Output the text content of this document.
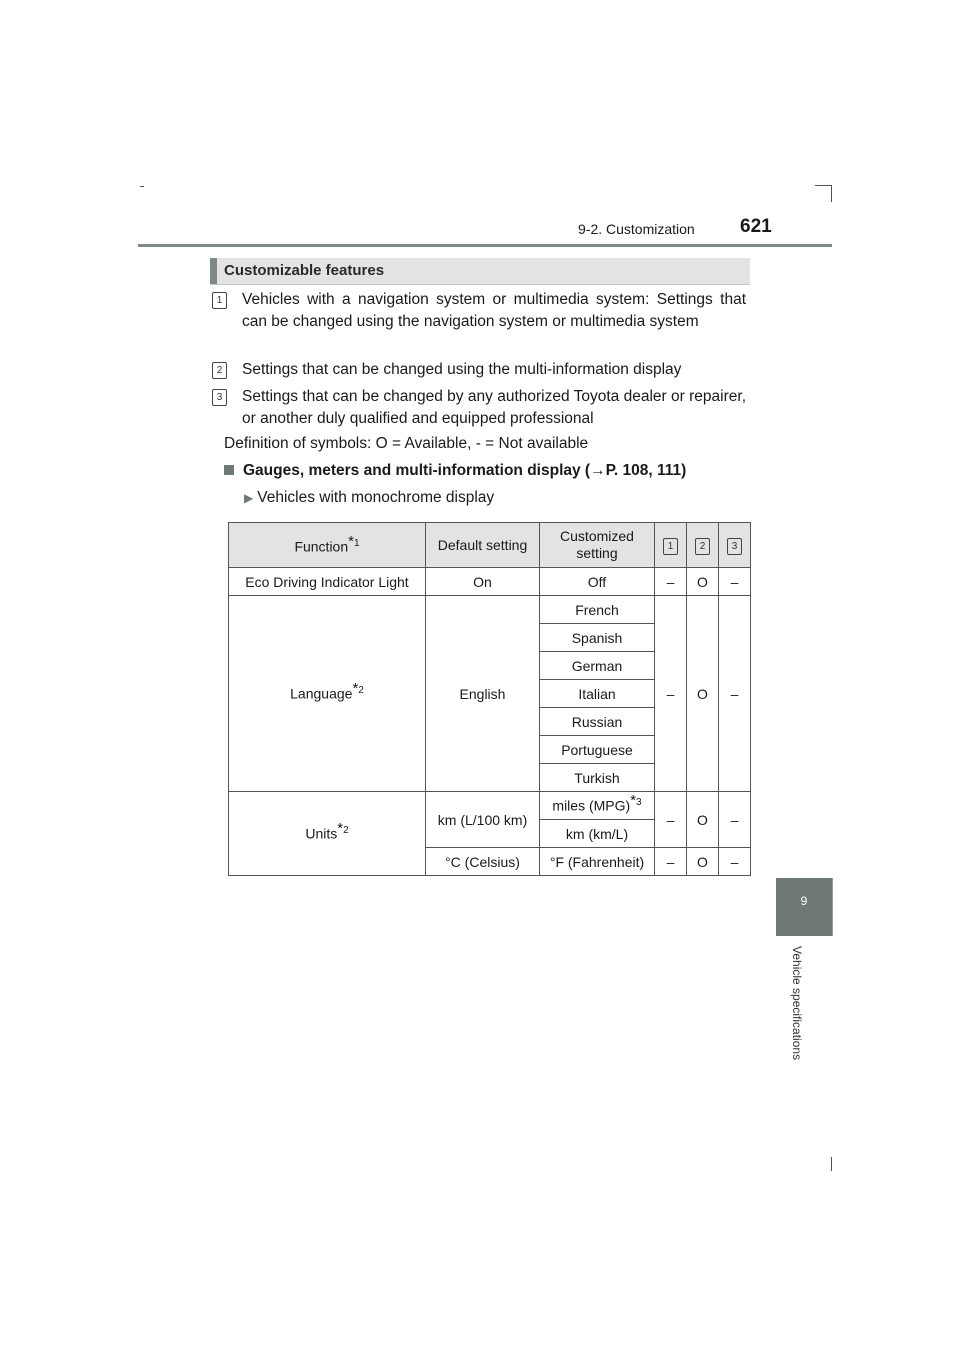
9-2. Customization 621
9
Vehicle specifications
Customizable features
1	Vehicles with a navigation system or multimedia system: Settings that can be changed using the navigation system or multimedia system
2	Settings that can be changed using the multi-information display
3	Settings that can be changed by any authorized Toyota dealer or repairer, or another duly qualified and equipped professional
Definition of symbols: O = Available, - = Not available
Gauges, meters and multi-information display (→P. 108, 111)
▶ Vehicles with monochrome display
Function*$^1$	Default setting	Customized setting	1	2	3
Eco Driving Indicator Light	On	Off	–	O	–
Language*$^2$	English	French	–	O	–
		Spanish			
		German			
		Italian			
		Russian			
		Portuguese			
		Turkish			
Units*$^2$	km (L/100 km)	miles (MPG)*$^3$	–	O	–
		km (km/L)			
	°C (Celsius)	°F (Fahrenheit)	–	O	–
